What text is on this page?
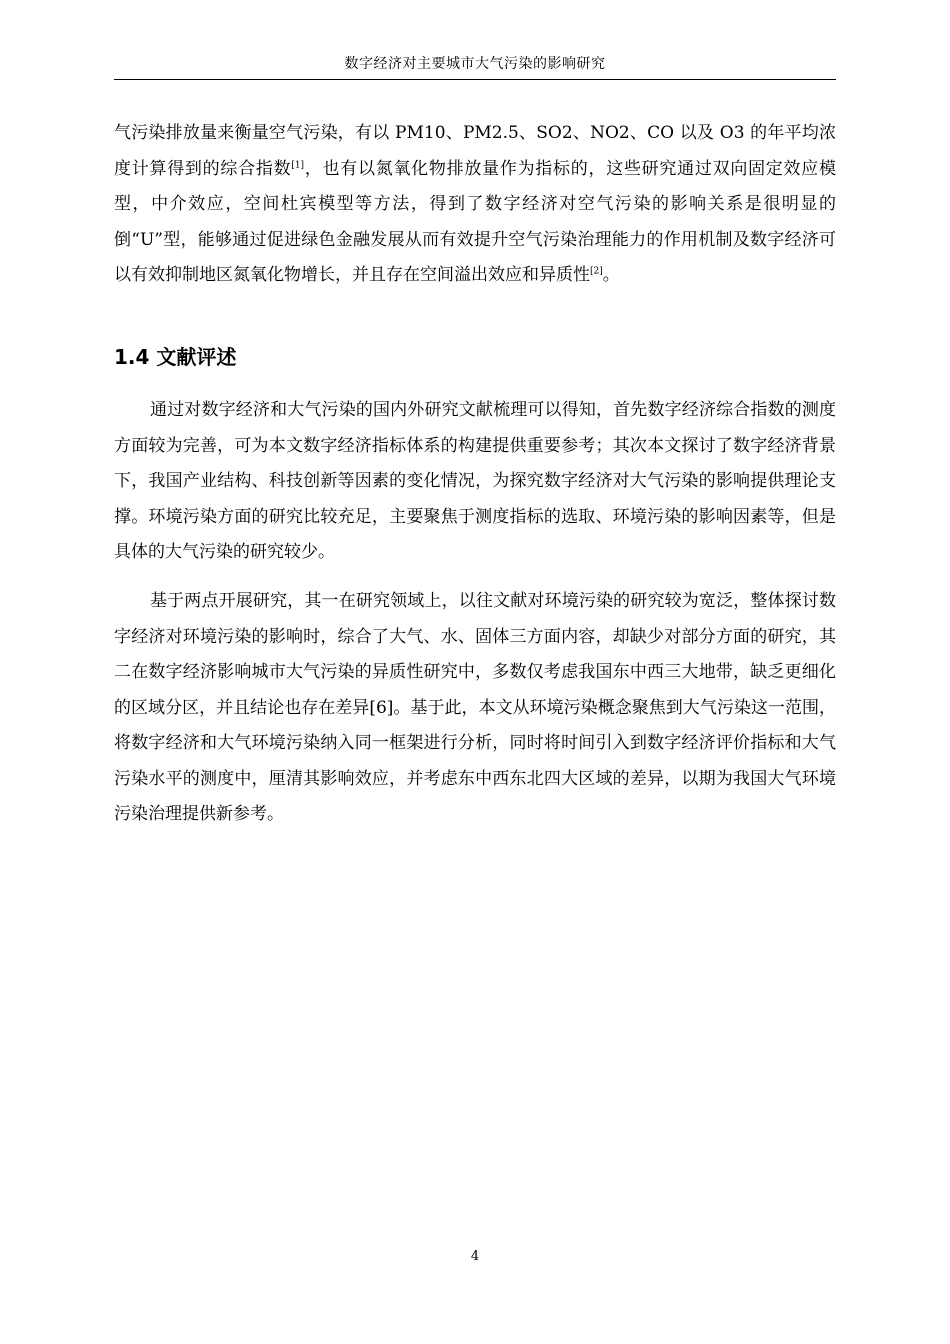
数字经济对主要城市大气污染的影响研究

气污染排放量来衡量空气污染，有以 PM10、PM2.5、SO2、NO2、CO 以及 O3 的年平均浓度计算得到的综合指数[1]，也有以氮氧化物排放量作为指标的，这些研究通过双向固定效应模型，中介效应，空间杜宾模型等方法，得到了数字经济对空气污染的影响关系是很明显的倒“U”型，能够通过促进绿色金融发展从而有效提升空气污染治理能力的作用机制及数字经济可以有效抑制地区氮氧化物增长，并且存在空间溢出效应和异质性[2]。

1.4 文献评述

通过对数字经济和大气污染的国内外研究文献梳理可以得知，首先数字经济综合指数的测度方面较为完善，可为本文数字经济指标体系的构建提供重要参考；其次本文探讨了数字经济背景下，我国产业结构、科技创新等因素的变化情况，为探究数字经济对大气污染的影响提供理论支撑。环境污染方面的研究比较充足，主要聚焦于测度指标的选取、环境污染的影响因素等，但是具体的大气污染的研究较少。

基于两点开展研究，其一在研究领域上，以往文献对环境污染的研究较为宽泛，整体探讨数字经济对环境污染的影响时，综合了大气、水、固体三方面内容，却缺少对部分方面的研究，其二在数字经济影响城市大气污染的异质性研究中，多数仅考虑我国东中西三大地带，缺乏更细化的区域分区，并且结论也存在差异[6]。基于此，本文从环境污染概念聚焦到大气污染这一范围，将数字经济和大气环境污染纳入同一框架进行分析，同时将时间引入到数字经济评价指标和大气污染水平的测度中，厘清其影响效应，并考虑东中西东北四大区域的差异，以期为我国大气环境污染治理提供新参考。

4
